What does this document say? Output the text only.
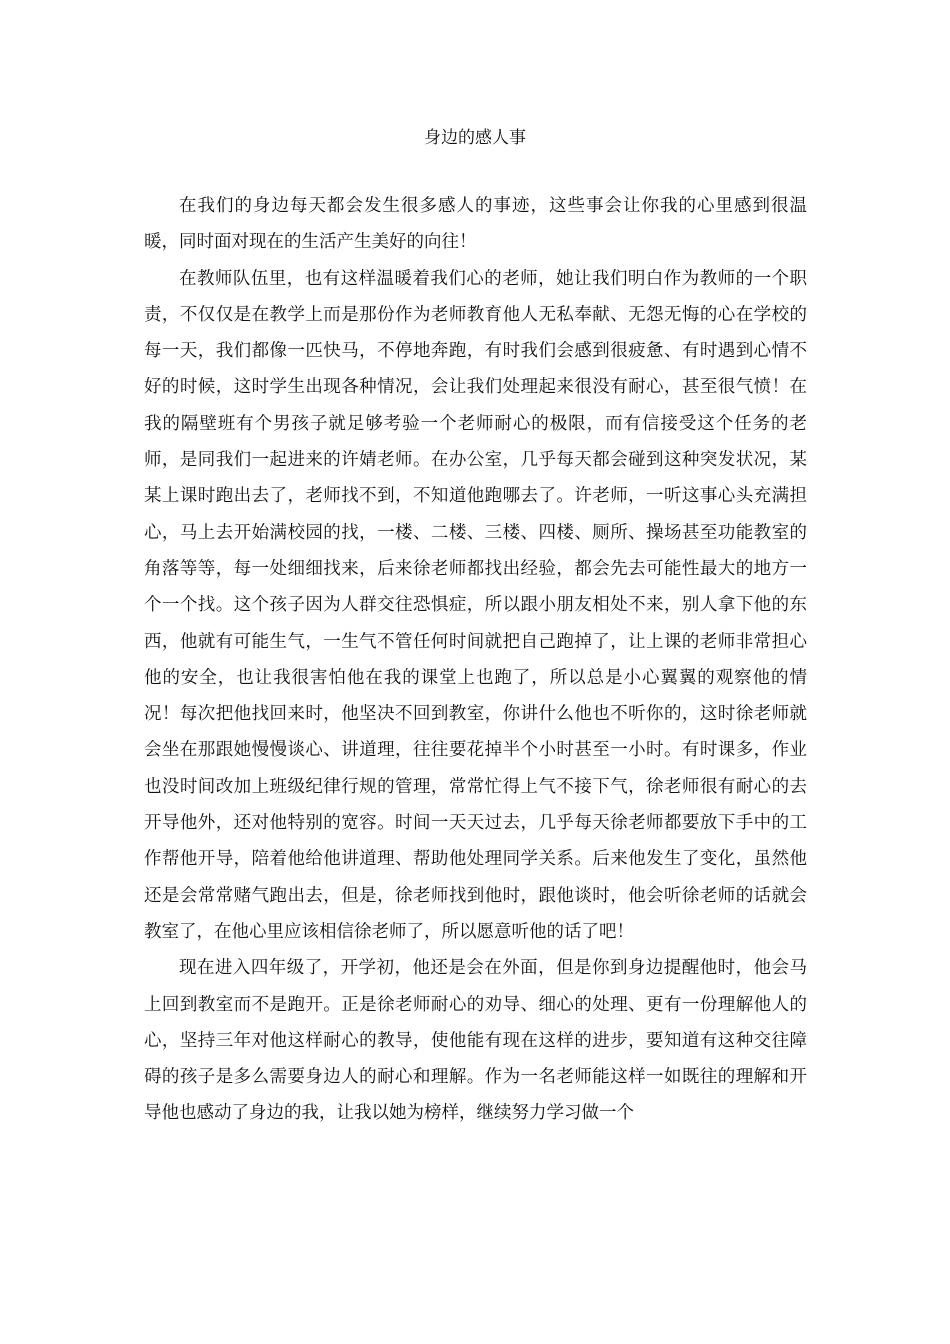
身边的感人事

在我们的身边每天都会发生很多感人的事迹，这些事会让你我的心里感到很温暖，同时面对现在的生活产生美好的向往！

在教师队伍里，也有这样温暖着我们心的老师，她让我们明白作为教师的一个职责，不仅仅是在教学上而是那份作为老师教育他人无私奉献、无怨无悔的心在学校的每一天，我们都像一匹快马，不停地奔跑，有时我们会感到很疲惫、有时遇到心情不好的时候，这时学生出现各种情况，会让我们处理起来很没有耐心，甚至很气愤！在我的隔壁班有个男孩子就足够考验一个老师耐心的极限，而有信接受这个任务的老师，是同我们一起进来的许婧老师。在办公室，几乎每天都会碰到这种突发状况，某某上课时跑出去了，老师找不到，不知道他跑哪去了。许老师，一听这事心头充满担心，马上去开始满校园的找，一楼、二楼、三楼、四楼、厕所、操场甚至功能教室的角落等等，每一处细细找来，后来徐老师都找出经验，都会先去可能性最大的地方一个一个找。这个孩子因为人群交往恐惧症，所以跟小朋友相处不来，别人拿下他的东西，他就有可能生气，一生气不管任何时间就把自己跑掉了，让上课的老师非常担心他的安全，也让我很害怕他在我的课堂上也跑了，所以总是小心翼翼的观察他的情况！每次把他找回来时，他坚决不回到教室，你讲什么他也不听你的，这时徐老师就会坐在那跟她慢慢谈心、讲道理，往往要花掉半个小时甚至一小时。有时课多，作业也没时间改加上班级纪律行规的管理，常常忙得上气不接下气，徐老师很有耐心的去开导他外，还对他特别的宽容。时间一天天过去，几乎每天徐老师都要放下手中的工作帮他开导，陪着他给他讲道理、帮助他处理同学关系。后来他发生了变化，虽然他还是会常常赌气跑出去，但是，徐老师找到他时，跟他谈时，他会听徐老师的话就会教室了，在他心里应该相信徐老师了，所以愿意听他的话了吧！

现在进入四年级了，开学初，他还是会在外面，但是你到身边提醒他时，他会马上回到教室而不是跑开。正是徐老师耐心的劝导、细心的处理、更有一份理解他人的心，坚持三年对他这样耐心的教导，使他能有现在这样的进步，要知道有这种交往障碍的孩子是多么需要身边人的耐心和理解。作为一名老师能这样一如既往的理解和开导他也感动了身边的我，让我以她为榜样，继续努力学习做一个
